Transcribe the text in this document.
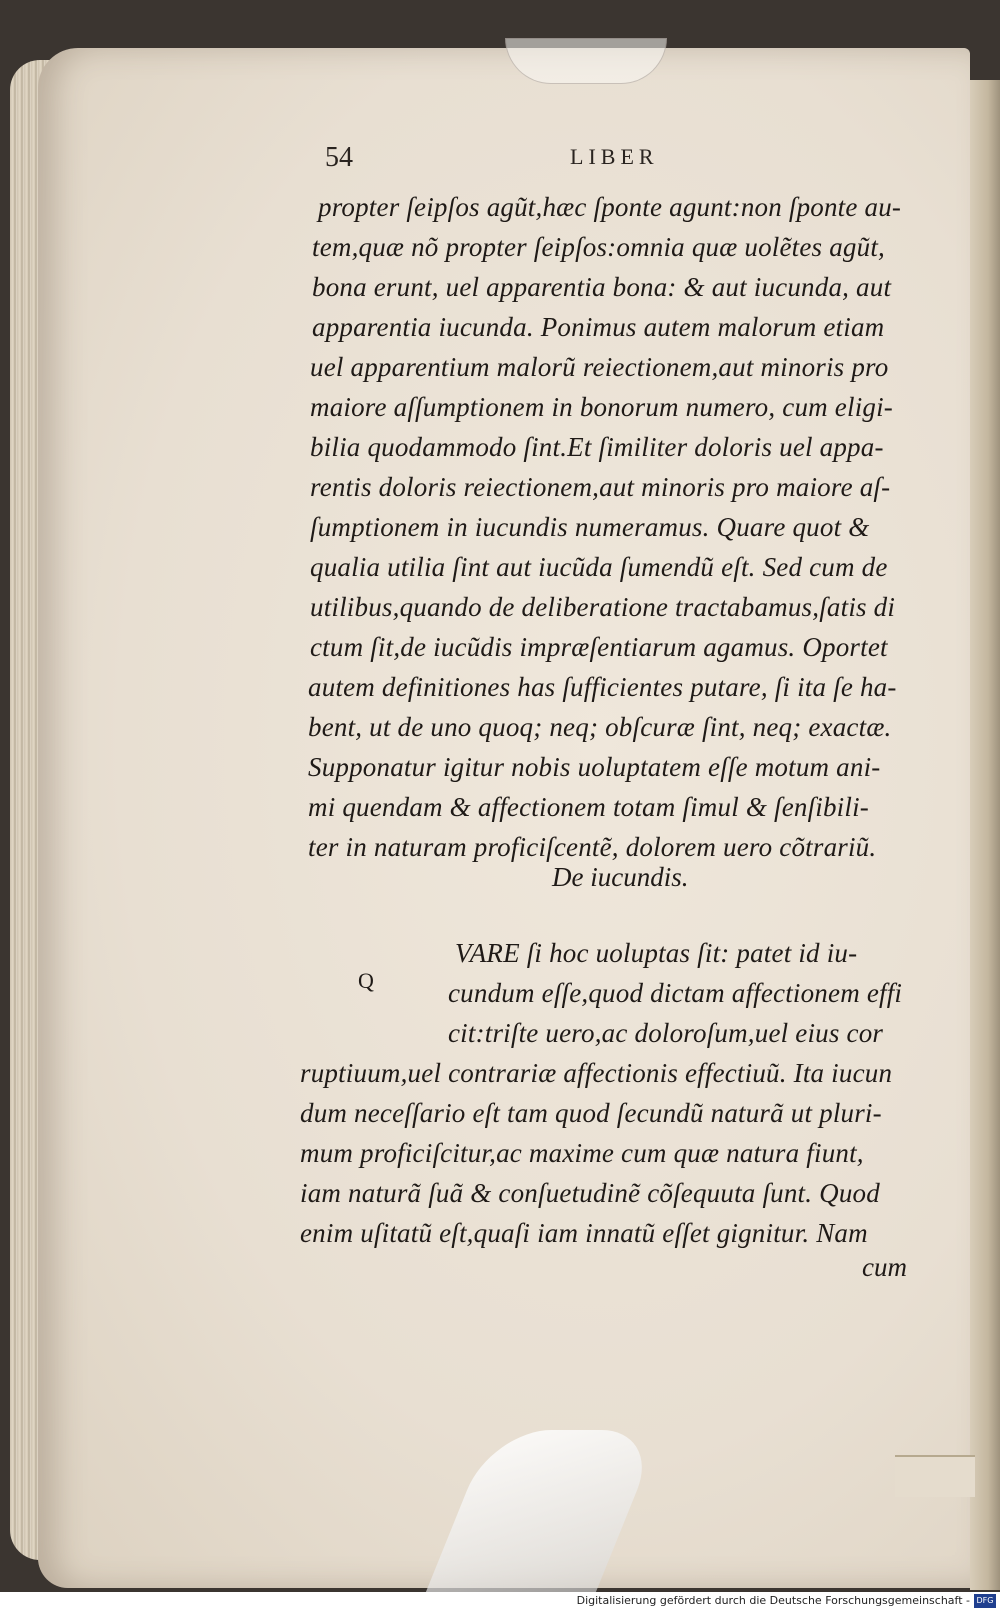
54	LIBER
propter ſeipſos agũt,hæc ſponte agunt:non ſponte au-
tem,quæ nõ propter ſeipſos:omnia quæ uolẽtes agũt,
bona erunt, uel apparentia bona: & aut iucunda, aut
apparentia iucunda. Ponimus autem malorum etiam
uel apparentium malorũ reiectionem,aut minoris pro
maiore aſſumptionem in bonorum numero, cum eligi-
bilia quodammodo ſint.Et ſimiliter doloris uel appa-
rentis doloris reiectionem,aut minoris pro maiore aſ-
ſumptionem in iucundis numeramus. Quare quot &
qualia utilia ſint aut iucũda ſumendũ eſt. Sed cum de
utilibus,quando de deliberatione tractabamus,ſatis di
ctum ſit,de iucũdis impræſentiarum agamus. Oportet
autem definitiones has ſufficientes putare, ſi ita ſe ha-
bent, ut de uno quoq; neq; obſcuræ ſint, neq; exactæ.
Supponatur igitur nobis uoluptatem eſſe motum ani-
mi quendam & affectionem totam ſimul & ſenſibili-
ter in naturam proficiſcentẽ, dolorem uero cõtrariũ.
De iucundis.
Q
VARE ſi hoc uoluptas ſit: patet id iu-
cundum eſſe,quod dictam affectionem effi
cit:triſte uero,ac doloroſum,uel eius cor
ruptiuum,uel contrariæ affectionis effectiuũ. Ita iucun
dum neceſſario eſt tam quod ſecundũ naturã ut pluri-
mum proficiſcitur,ac maxime cum quæ natura fiunt,
iam naturã ſuã & conſuetudinẽ cõſequuta ſunt. Quod
enim uſitatũ eſt,quaſi iam innatũ eſſet gignitur. Nam
cum
Digitalisierung gefördert durch die Deutsche Forschungsgemeinschaft - DFG
